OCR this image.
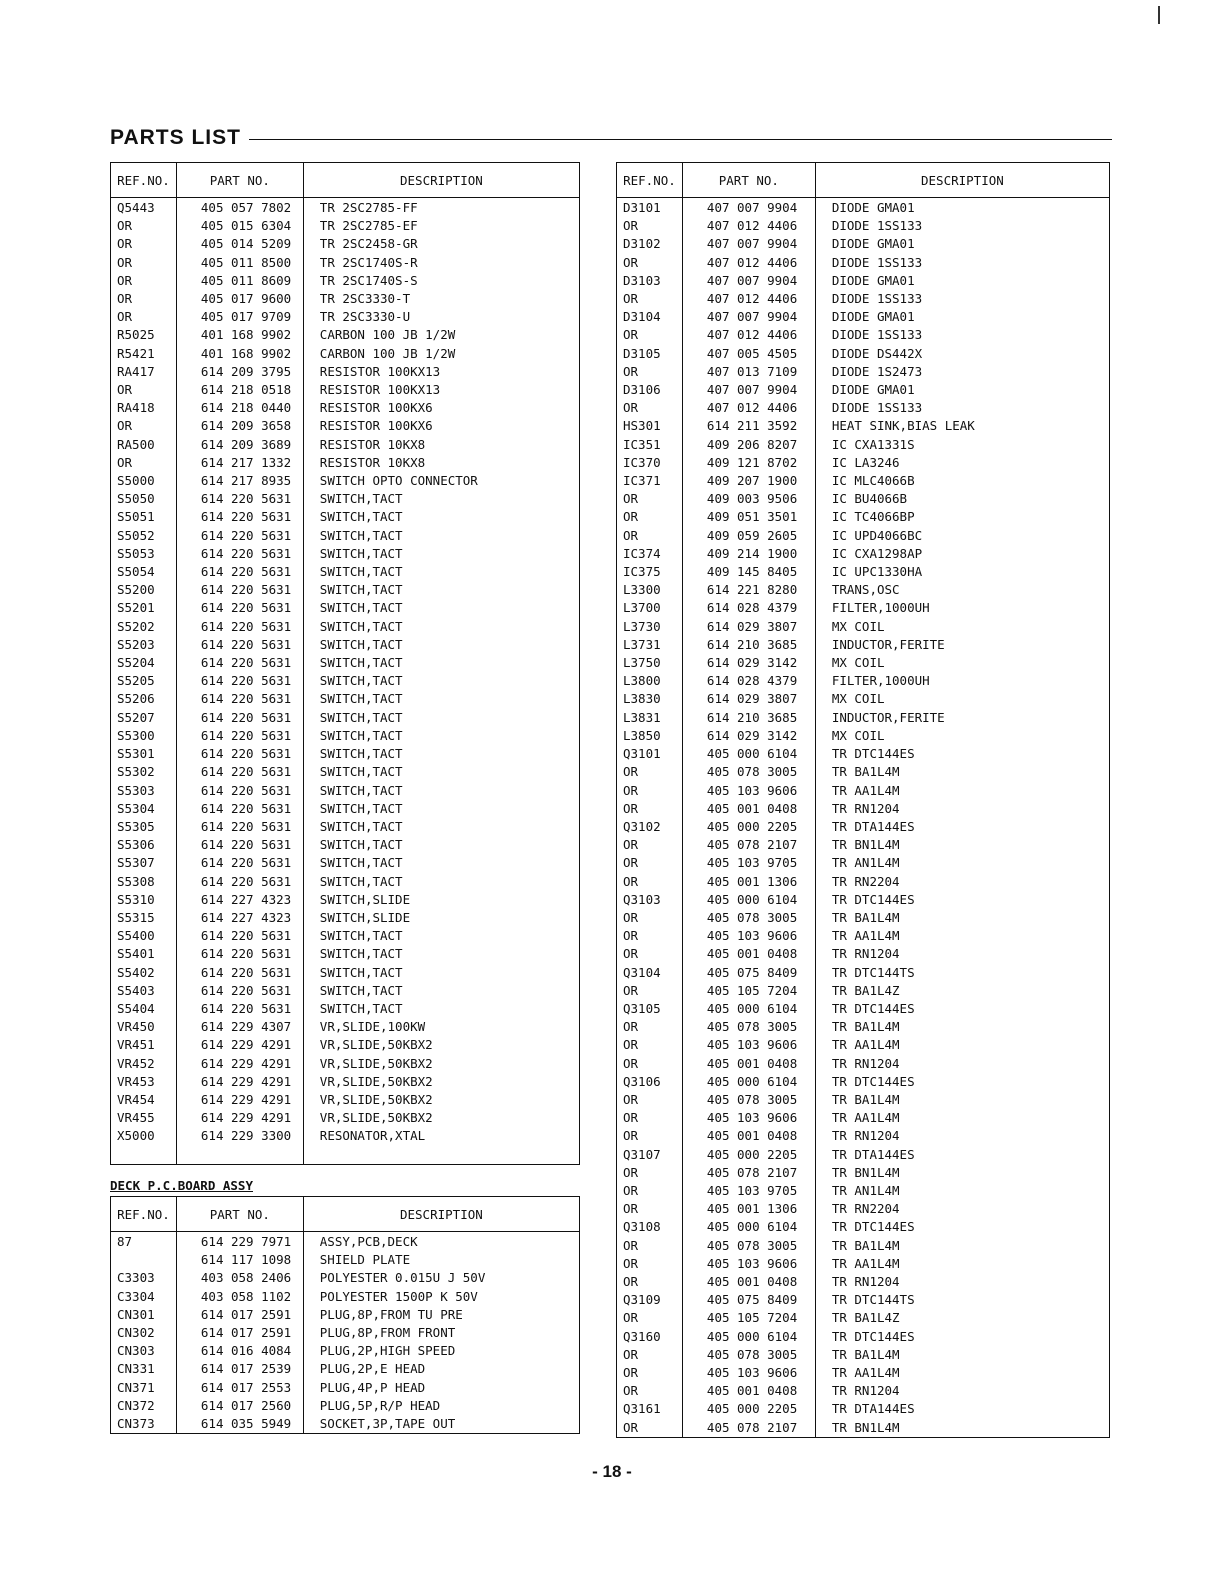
PARTS LIST
REF.NO.	PART NO.	DESCRIPTION
Q5443	405 057 7802	TR 2SC2785-FF
OR	405 015 6304	TR 2SC2785-EF
OR	405 014 5209	TR 2SC2458-GR
OR	405 011 8500	TR 2SC1740S-R
OR	405 011 8609	TR 2SC1740S-S
OR	405 017 9600	TR 2SC3330-T
OR	405 017 9709	TR 2SC3330-U
R5025	401 168 9902	CARBON 100 JB 1/2W
R5421	401 168 9902	CARBON 100 JB 1/2W
RA417	614 209 3795	RESISTOR 100KX13
OR	614 218 0518	RESISTOR 100KX13
RA418	614 218 0440	RESISTOR 100KX6
OR	614 209 3658	RESISTOR 100KX6
RA500	614 209 3689	RESISTOR 10KX8
OR	614 217 1332	RESISTOR 10KX8
S5000	614 217 8935	SWITCH OPTO CONNECTOR
S5050	614 220 5631	SWITCH,TACT
S5051	614 220 5631	SWITCH,TACT
S5052	614 220 5631	SWITCH,TACT
S5053	614 220 5631	SWITCH,TACT
S5054	614 220 5631	SWITCH,TACT
S5200	614 220 5631	SWITCH,TACT
S5201	614 220 5631	SWITCH,TACT
S5202	614 220 5631	SWITCH,TACT
S5203	614 220 5631	SWITCH,TACT
S5204	614 220 5631	SWITCH,TACT
S5205	614 220 5631	SWITCH,TACT
S5206	614 220 5631	SWITCH,TACT
S5207	614 220 5631	SWITCH,TACT
S5300	614 220 5631	SWITCH,TACT
S5301	614 220 5631	SWITCH,TACT
S5302	614 220 5631	SWITCH,TACT
S5303	614 220 5631	SWITCH,TACT
S5304	614 220 5631	SWITCH,TACT
S5305	614 220 5631	SWITCH,TACT
S5306	614 220 5631	SWITCH,TACT
S5307	614 220 5631	SWITCH,TACT
S5308	614 220 5631	SWITCH,TACT
S5310	614 227 4323	SWITCH,SLIDE
S5315	614 227 4323	SWITCH,SLIDE
S5400	614 220 5631	SWITCH,TACT
S5401	614 220 5631	SWITCH,TACT
S5402	614 220 5631	SWITCH,TACT
S5403	614 220 5631	SWITCH,TACT
S5404	614 220 5631	SWITCH,TACT
VR450	614 229 4307	VR,SLIDE,100KW
VR451	614 229 4291	VR,SLIDE,50KBX2
VR452	614 229 4291	VR,SLIDE,50KBX2
VR453	614 229 4291	VR,SLIDE,50KBX2
VR454	614 229 4291	VR,SLIDE,50KBX2
VR455	614 229 4291	VR,SLIDE,50KBX2
X5000	614 229 3300	RESONATOR,XTAL

DECK P.C.BOARD ASSY
REF.NO.	PART NO.	DESCRIPTION
87	614 229 7971	ASSY,PCB,DECK
	614 117 1098	SHIELD PLATE
C3303	403 058 2406	POLYESTER 0.015U J 50V
C3304	403 058 1102	POLYESTER 1500P K 50V
CN301	614 017 2591	PLUG,8P,FROM TU PRE
CN302	614 017 2591	PLUG,8P,FROM FRONT
CN303	614 016 4084	PLUG,2P,HIGH SPEED
CN331	614 017 2539	PLUG,2P,E HEAD
CN371	614 017 2553	PLUG,4P,P HEAD
CN372	614 017 2560	PLUG,5P,R/P HEAD
CN373	614 035 5949	SOCKET,3P,TAPE OUT
REF.NO.	PART NO.	DESCRIPTION
D3101	407 007 9904	DIODE GMA01
OR	407 012 4406	DIODE 1SS133
D3102	407 007 9904	DIODE GMA01
OR	407 012 4406	DIODE 1SS133
D3103	407 007 9904	DIODE GMA01
OR	407 012 4406	DIODE 1SS133
D3104	407 007 9904	DIODE GMA01
OR	407 012 4406	DIODE 1SS133
D3105	407 005 4505	DIODE DS442X
OR	407 013 7109	DIODE 1S2473
D3106	407 007 9904	DIODE GMA01
OR	407 012 4406	DIODE 1SS133
HS301	614 211 3592	HEAT SINK,BIAS LEAK
IC351	409 206 8207	IC CXA1331S
IC370	409 121 8702	IC LA3246
IC371	409 207 1900	IC MLC4066B
OR	409 003 9506	IC BU4066B
OR	409 051 3501	IC TC4066BP
OR	409 059 2605	IC UPD4066BC
IC374	409 214 1900	IC CXA1298AP
IC375	409 145 8405	IC UPC1330HA
L3300	614 221 8280	TRANS,OSC
L3700	614 028 4379	FILTER,1000UH
L3730	614 029 3807	MX COIL
L3731	614 210 3685	INDUCTOR,FERITE
L3750	614 029 3142	MX COIL
L3800	614 028 4379	FILTER,1000UH
L3830	614 029 3807	MX COIL
L3831	614 210 3685	INDUCTOR,FERITE
L3850	614 029 3142	MX COIL
Q3101	405 000 6104	TR DTC144ES
OR	405 078 3005	TR BA1L4M
OR	405 103 9606	TR AA1L4M
OR	405 001 0408	TR RN1204
Q3102	405 000 2205	TR DTA144ES
OR	405 078 2107	TR BN1L4M
OR	405 103 9705	TR AN1L4M
OR	405 001 1306	TR RN2204
Q3103	405 000 6104	TR DTC144ES
OR	405 078 3005	TR BA1L4M
OR	405 103 9606	TR AA1L4M
OR	405 001 0408	TR RN1204
Q3104	405 075 8409	TR DTC144TS
OR	405 105 7204	TR BA1L4Z
Q3105	405 000 6104	TR DTC144ES
OR	405 078 3005	TR BA1L4M
OR	405 103 9606	TR AA1L4M
OR	405 001 0408	TR RN1204
Q3106	405 000 6104	TR DTC144ES
OR	405 078 3005	TR BA1L4M
OR	405 103 9606	TR AA1L4M
OR	405 001 0408	TR RN1204
Q3107	405 000 2205	TR DTA144ES
OR	405 078 2107	TR BN1L4M
OR	405 103 9705	TR AN1L4M
OR	405 001 1306	TR RN2204
Q3108	405 000 6104	TR DTC144ES
OR	405 078 3005	TR BA1L4M
OR	405 103 9606	TR AA1L4M
OR	405 001 0408	TR RN1204
Q3109	405 075 8409	TR DTC144TS
OR	405 105 7204	TR BA1L4Z
Q3160	405 000 6104	TR DTC144ES
OR	405 078 3005	TR BA1L4M
OR	405 103 9606	TR AA1L4M
OR	405 001 0408	TR RN1204
Q3161	405 000 2205	TR DTA144ES
OR	405 078 2107	TR BN1L4M
- 18 -
